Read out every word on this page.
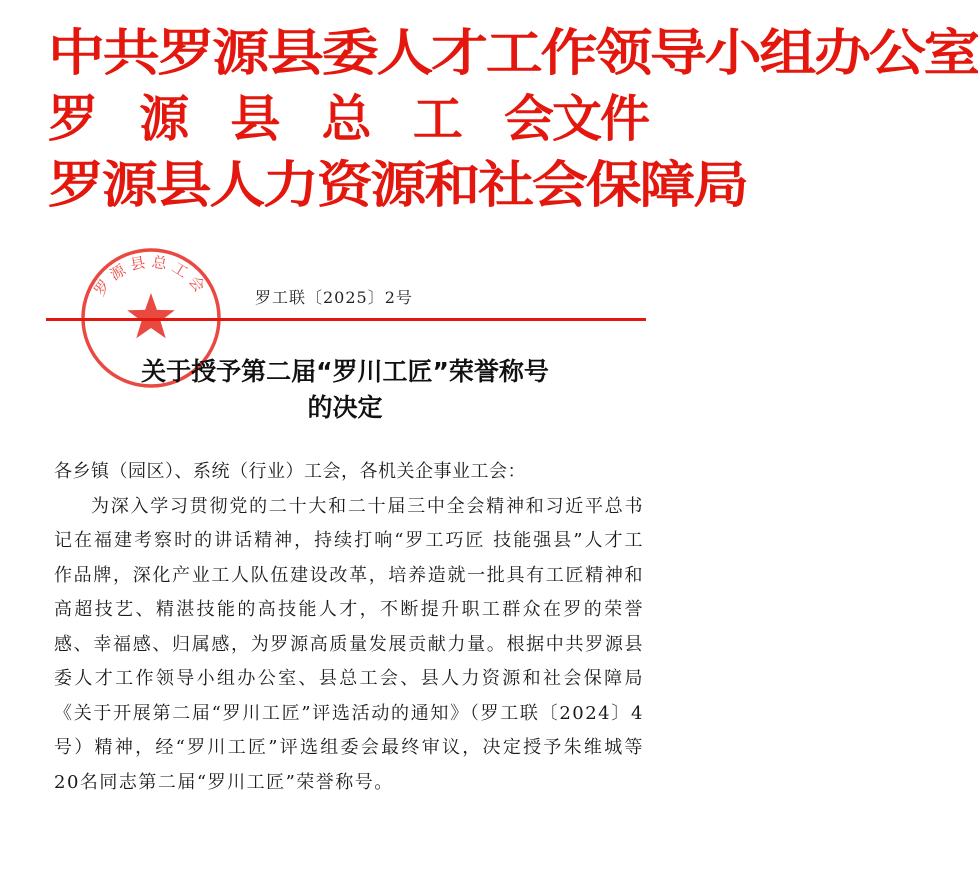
中共罗源县委人才工作领导小组办公室
罗 源 县 总 工 会文件
罗源县人力资源和社会保障局
罗源县总工会	罗工联〔2025〕2号
关于授予第二届“罗川工匠”荣誉称号
的决定

各乡镇（园区）、系统（行业）工会，各机关企事业工会：

为深入学习贯彻党的二十大和二十届三中全会精神和习近平总书记在福建考察时的讲话精神，持续打响“罗工巧匠 技能强县”人才工作品牌，深化产业工人队伍建设改革，培养造就一批具有工匠精神和高超技艺、精湛技能的高技能人才，不断提升职工群众在罗的荣誉感、幸福感、归属感，为罗源高质量发展贡献力量。根据中共罗源县委人才工作领导小组办公室、县总工会、县人力资源和社会保障局《关于开展第二届“罗川工匠”评选活动的通知》（罗工联〔2024〕4号）精神，经“罗川工匠”评选组委会最终审议，决定授予朱维城等20名同志第二届“罗川工匠”荣誉称号。
